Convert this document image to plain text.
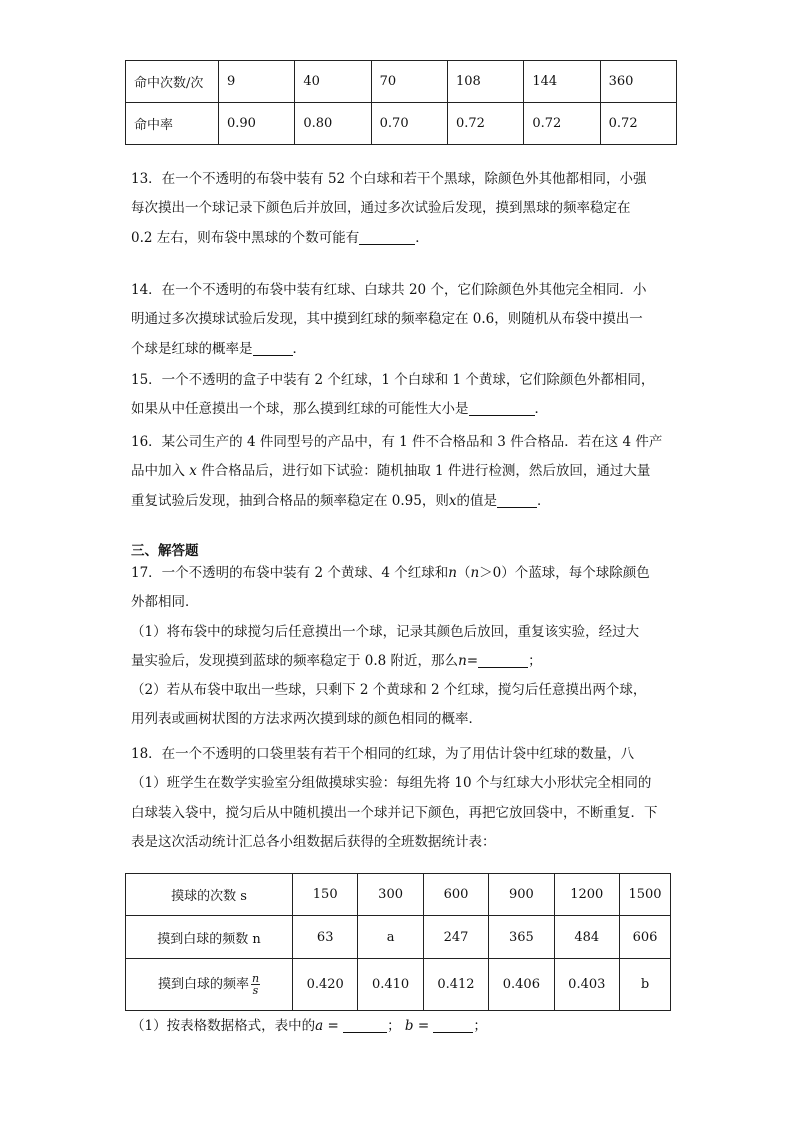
命中次数/次	9	40	70	108	144	360
命中率	0.90	0.80	0.70	0.72	0.72	0.72

13．在一个不透明的布袋中装有 52 个白球和若干个黑球，除颜色外其他都相同，小强
每次摸出一个球记录下颜色后并放回，通过多次试验后发现，摸到黑球的频率稳定在
0.2 左右，则布袋中黑球的个数可能有	．

14．在一个不透明的布袋中装有红球、白球共 20 个，它们除颜色外其他完全相同．小
明通过多次摸球试验后发现，其中摸到红球的频率稳定在 0.6，则随机从布袋中摸出一
个球是红球的概率是	．

15．一个不透明的盒子中装有 2 个红球，1 个白球和 1 个黄球，它们除颜色外都相同，
如果从中任意摸出一个球，那么摸到红球的可能性大小是	．

16．某公司生产的 4 件同型号的产品中，有 1 件不合格品和 3 件合格品．若在这 4 件产
品中加入 x 件合格品后，进行如下试验：随机抽取 1 件进行检测，然后放回，通过大量
重复试验后发现，抽到合格品的频率稳定在 0.95，则x的值是	．

三、解答题

17．一个不透明的布袋中装有 2 个黄球、4 个红球和n（n＞0）个蓝球，每个球除颜色
外都相同．
（1）将布袋中的球搅匀后任意摸出一个球，记录其颜色后放回，重复该实验，经过大
量实验后，发现摸到蓝球的频率稳定于 0.8 附近，那么n=	；
（2）若从布袋中取出一些球，只剩下 2 个黄球和 2 个红球，搅匀后任意摸出两个球，
用列表或画树状图的方法求两次摸到球的颜色相同的概率．

18．在一个不透明的口袋里装有若干个相同的红球，为了用估计袋中红球的数量，八
（1）班学生在数学实验室分组做摸球实验：每组先将 10 个与红球大小形状完全相同的
白球装入袋中，搅匀后从中随机摸出一个球并记下颜色，再把它放回袋中，不断重复．下
表是这次活动统计汇总各小组数据后获得的全班数据统计表：

摸球的次数 s	150	300	600	900	1200	1500
摸到白球的频数 n	63	a	247	365	484	606
摸到白球的频率 $\frac{n}{s}$	0.420	0.410	0.412	0.406	0.403	b

（1）按表格数据格式，表中的a =	； b =	；
